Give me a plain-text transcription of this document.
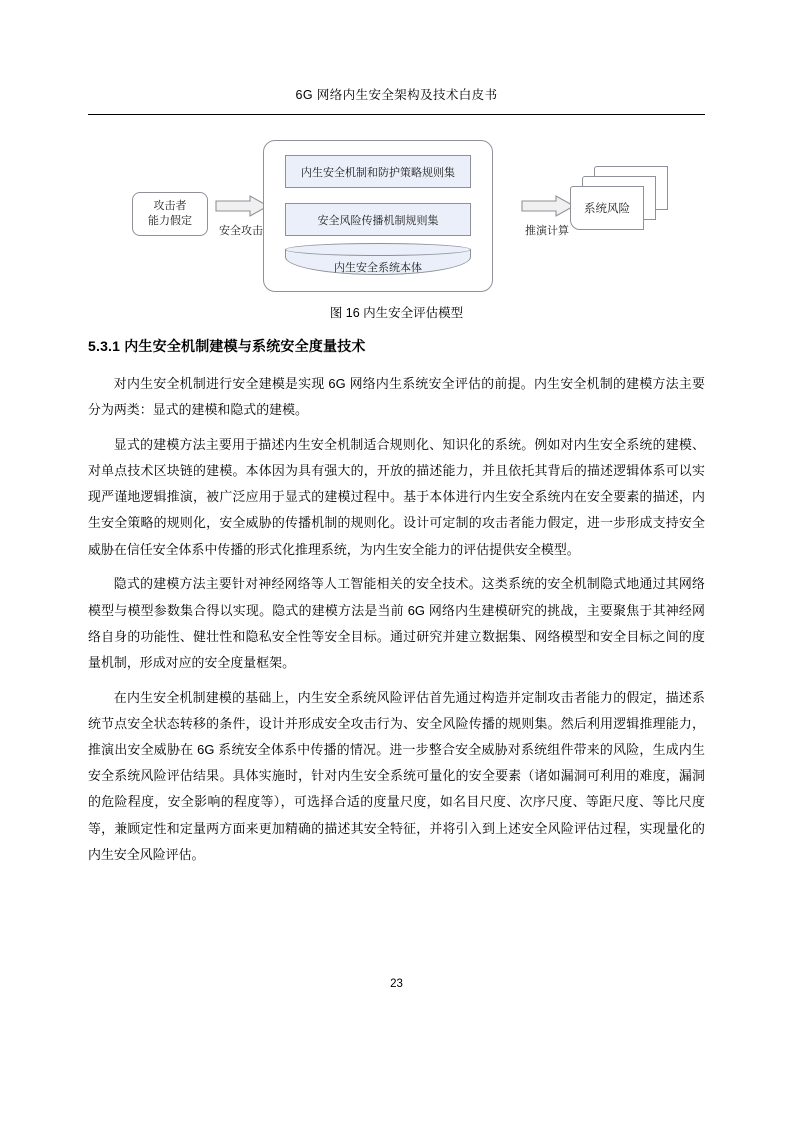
6G 网络内生安全架构及技术白皮书
攻击者
能力假定
安全攻击
内生安全机制和防护策略规则集
安全风险传播机制规则集
内生安全系统本体
推演计算
系统风险
图 16 内生安全评估模型
5.3.1 内生安全机制建模与系统安全度量技术

对内生安全机制进行安全建模是实现 6G 网络内生系统安全评估的前提。内生安全机制的建模方法主要分为两类：显式的建模和隐式的建模。

显式的建模方法主要用于描述内生安全机制适合规则化、知识化的系统。例如对内生安全系统的建模、对单点技术区块链的建模。本体因为具有强大的，开放的描述能力，并且依托其背后的描述逻辑体系可以实现严谨地逻辑推演，被广泛应用于显式的建模过程中。基于本体进行内生安全系统内在安全要素的描述，内生安全策略的规则化，安全威胁的传播机制的规则化。设计可定制的攻击者能力假定，进一步形成支持安全威胁在信任安全体系中传播的形式化推理系统，为内生安全能力的评估提供安全模型。

隐式的建模方法主要针对神经网络等人工智能相关的安全技术。这类系统的安全机制隐式地通过其网络模型与模型参数集合得以实现。隐式的建模方法是当前 6G 网络内生建模研究的挑战，主要聚焦于其神经网络自身的功能性、健壮性和隐私安全性等安全目标。通过研究并建立数据集、网络模型和安全目标之间的度量机制，形成对应的安全度量框架。

在内生安全机制建模的基础上，内生安全系统风险评估首先通过构造并定制攻击者能力的假定，描述系统节点安全状态转移的条件，设计并形成安全攻击行为、安全风险传播的规则集。然后利用逻辑推理能力，推演出安全威胁在 6G 系统安全体系中传播的情况。进一步整合安全威胁对系统组件带来的风险，生成内生安全系统风险评估结果。具体实施时，针对内生安全系统可量化的安全要素（诸如漏洞可利用的难度，漏洞的危险程度，安全影响的程度等），可选择合适的度量尺度，如名目尺度、次序尺度、等距尺度、等比尺度等，兼顾定性和定量两方面来更加精确的描述其安全特征，并将引入到上述安全风险评估过程，实现量化的内生安全风险评估。

23
